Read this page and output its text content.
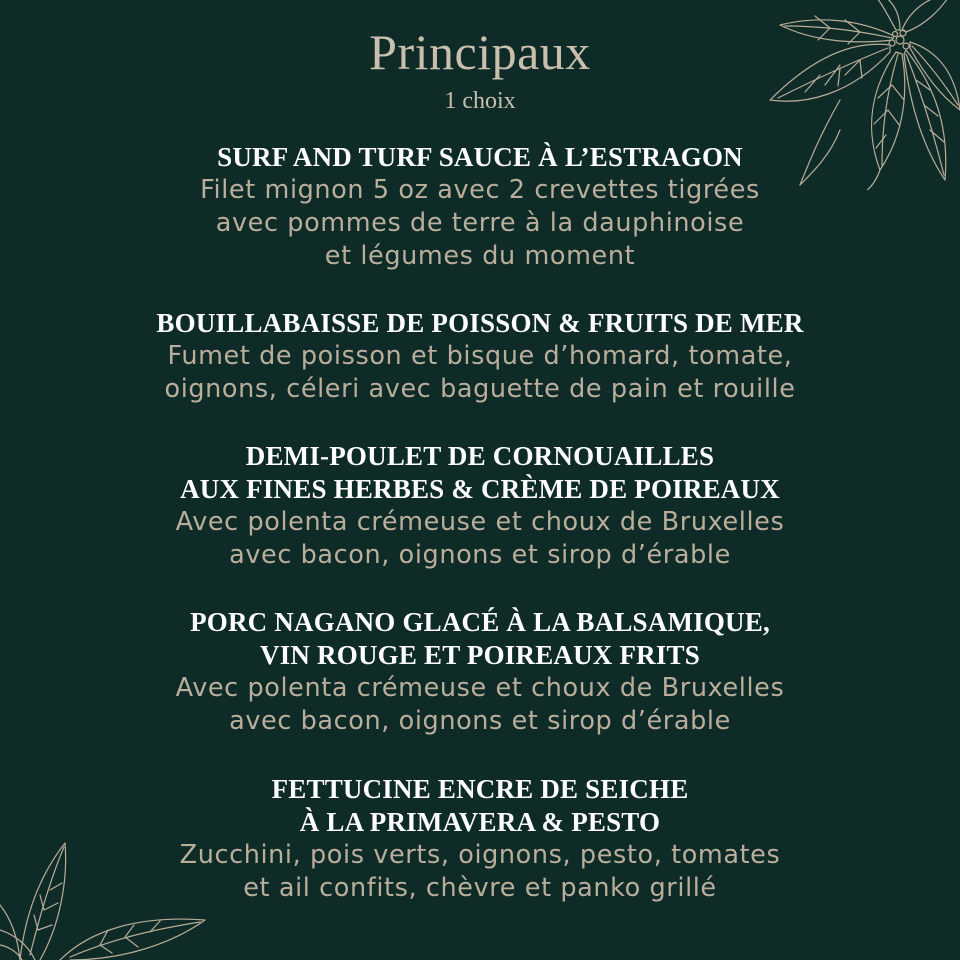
Principaux
1 choix
SURF AND TURF SAUCE À L’ESTRAGON
Filet mignon 5 oz avec 2 crevettes tigrées
avec pommes de terre à la dauphinoise
et légumes du moment
BOUILLABAISSE DE POISSON & FRUITS DE MER
Fumet de poisson et bisque d’homard, tomate,
oignons, céleri avec baguette de pain et rouille
DEMI-POULET DE CORNOUAILLES
AUX FINES HERBES & CRÈME DE POIREAUX
Avec polenta crémeuse et choux de Bruxelles
avec bacon, oignons et sirop d’érable
PORC NAGANO GLACÉ À LA BALSAMIQUE,
VIN ROUGE ET POIREAUX FRITS
Avec polenta crémeuse et choux de Bruxelles
avec bacon, oignons et sirop d’érable
FETTUCINE ENCRE DE SEICHE
À LA PRIMAVERA & PESTO
Zucchini, pois verts, oignons, pesto, tomates
et ail confits, chèvre et panko grillé
